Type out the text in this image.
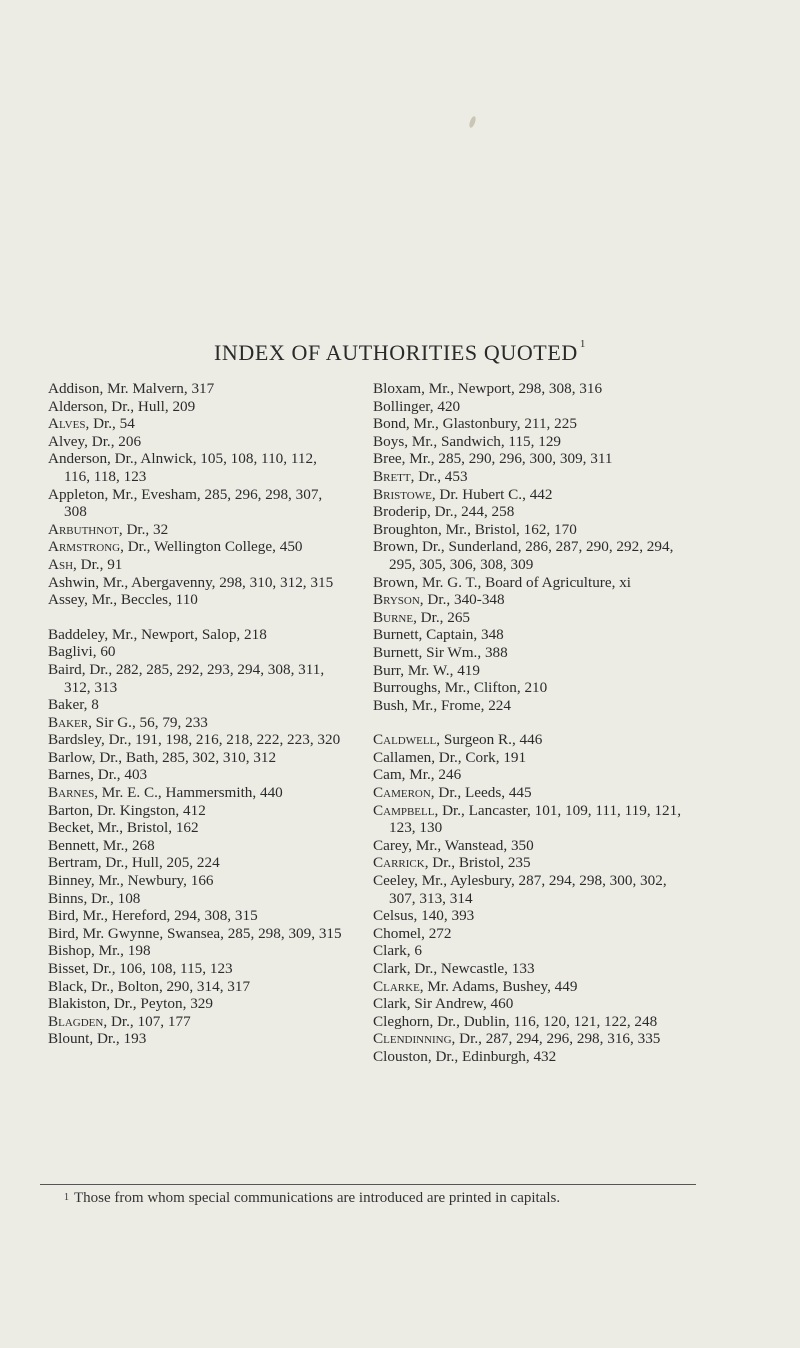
INDEX OF AUTHORITIES QUOTED $^1$
Addison, Mr. Malvern, 317
Alderson, Dr., Hull, 209
Alves, Dr., 54
Alvey, Dr., 206
Anderson, Dr., Alnwick, 105, 108, 110, 112, 116, 118, 123
Appleton, Mr., Evesham, 285, 296, 298, 307, 308
Arbuthnot, Dr., 32
Armstrong, Dr., Wellington College, 450
Ash, Dr., 91
Ashwin, Mr., Abergavenny, 298, 310, 312, 315
Assey, Mr., Beccles, 110
Baddeley, Mr., Newport, Salop, 218
Baglivi, 60
Baird, Dr., 282, 285, 292, 293, 294, 308, 311, 312, 313
Baker, 8
Baker, Sir G., 56, 79, 233
Bardsley, Dr., 191, 198, 216, 218, 222, 223, 320
Barlow, Dr., Bath, 285, 302, 310, 312
Barnes, Dr., 403
Barnes, Mr. E. C., Hammersmith, 440
Barton, Dr. Kingston, 412
Becket, Mr., Bristol, 162
Bennett, Mr., 268
Bertram, Dr., Hull, 205, 224
Binney, Mr., Newbury, 166
Binns, Dr., 108
Bird, Mr., Hereford, 294, 308, 315
Bird, Mr. Gwynne, Swansea, 285, 298, 309, 315
Bishop, Mr., 198
Bisset, Dr., 106, 108, 115, 123
Black, Dr., Bolton, 290, 314, 317
Blakiston, Dr., Peyton, 329
Blagden, Dr., 107, 177
Blount, Dr., 193
Bloxam, Mr., Newport, 298, 308, 316
Bollinger, 420
Bond, Mr., Glastonbury, 211, 225
Boys, Mr., Sandwich, 115, 129
Bree, Mr., 285, 290, 296, 300, 309, 311
Brett, Dr., 453
Bristowe, Dr. Hubert C., 442
Broderip, Dr., 244, 258
Broughton, Mr., Bristol, 162, 170
Brown, Dr., Sunderland, 286, 287, 290, 292, 294, 295, 305, 306, 308, 309
Brown, Mr. G. T., Board of Agriculture, xi
Bryson, Dr., 340-348
Burne, Dr., 265
Burnett, Captain, 348
Burnett, Sir Wm., 388
Burr, Mr. W., 419
Burroughs, Mr., Clifton, 210
Bush, Mr., Frome, 224
Caldwell, Surgeon R., 446
Callamen, Dr., Cork, 191
Cam, Mr., 246
Cameron, Dr., Leeds, 445
Campbell, Dr., Lancaster, 101, 109, 111, 119, 121, 123, 130
Carey, Mr., Wanstead, 350
Carrick, Dr., Bristol, 235
Ceeley, Mr., Aylesbury, 287, 294, 298, 300, 302, 307, 313, 314
Celsus, 140, 393
Chomel, 272
Clark, 6
Clark, Dr., Newcastle, 133
Clarke, Mr. Adams, Bushey, 449
Clark, Sir Andrew, 460
Cleghorn, Dr., Dublin, 116, 120, 121, 122, 248
Clendinning, Dr., 287, 294, 296, 298, 316, 335
Clouston, Dr., Edinburgh, 432
$^1$ Those from whom special communications are introduced are printed in capitals.
